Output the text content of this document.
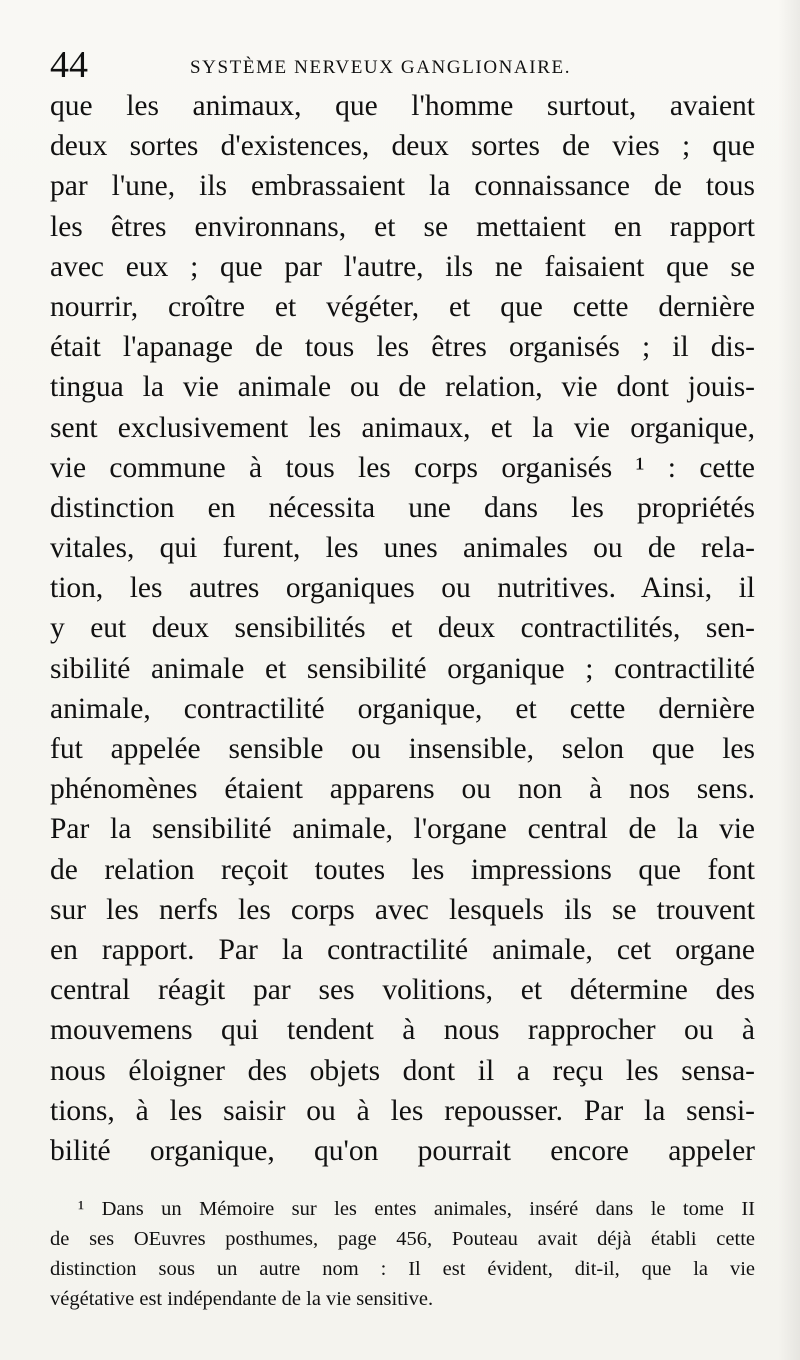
44	SYSTÈME NERVEUX GANGLIONAIRE.
que les animaux, que l'homme surtout, avaient
deux sortes d'existences, deux sortes de vies ; que
par l'une, ils embrassaient la connaissance de tous
les êtres environnans, et se mettaient en rapport
avec eux ; que par l'autre, ils ne faisaient que se
nourrir, croître et végéter, et que cette dernière
était l'apanage de tous les êtres organisés ; il dis-
tingua la vie animale ou de relation, vie dont jouis-
sent exclusivement les animaux, et la vie organique,
vie commune à tous les corps organisés ¹ : cette
distinction en nécessita une dans les propriétés
vitales, qui furent, les unes animales ou de rela-
tion, les autres organiques ou nutritives. Ainsi, il
y eut deux sensibilités et deux contractilités, sen-
sibilité animale et sensibilité organique ; contractilité
animale, contractilité organique, et cette dernière
fut appelée sensible ou insensible, selon que les
phénomènes étaient apparens ou non à nos sens.
Par la sensibilité animale, l'organe central de la vie
de relation reçoit toutes les impressions que font
sur les nerfs les corps avec lesquels ils se trouvent
en rapport. Par la contractilité animale, cet organe
central réagit par ses volitions, et détermine des
mouvemens qui tendent à nous rapprocher ou à
nous éloigner des objets dont il a reçu les sensa-
tions, à les saisir ou à les repousser. Par la sensi-
bilité organique, qu'on pourrait encore appeler
¹ Dans un Mémoire sur les entes animales, inséré dans le tome II
de ses OEuvres posthumes, page 456, Pouteau avait déjà établi cette
distinction sous un autre nom : Il est évident, dit-il, que la vie
végétative est indépendante de la vie sensitive.
